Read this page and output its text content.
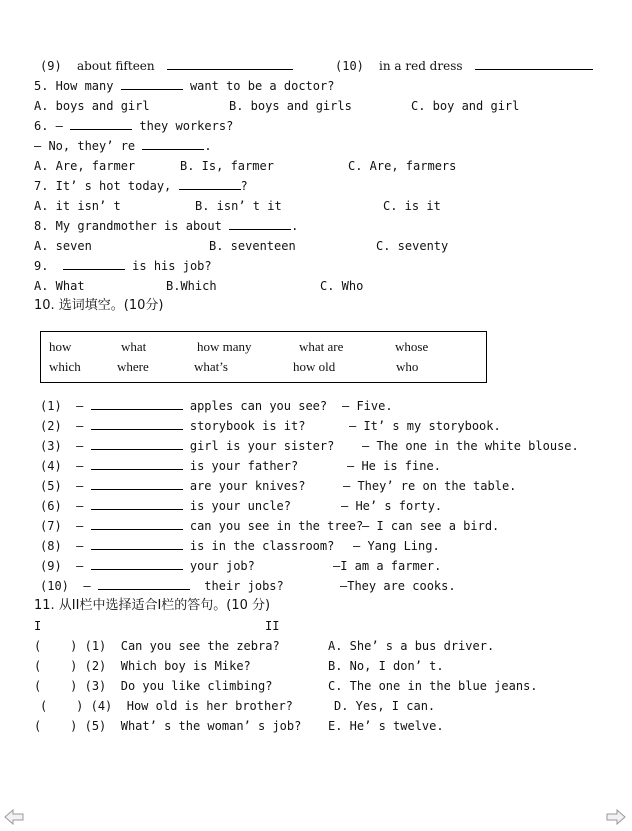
(9) about fifteen	(10) in a red dress
5. How many	want to be a doctor?
A. boys and girl	B. boys and girls	C. boy and girl
6. –	they workers?
– No, they’ re	.
A. Are, farmer	B. Is, farmer	C. Are, farmers
7. It’ s hot today,	?
A. it isn’ t	B. isn’ t it	C. is it
8. My grandmother is about	.
A. seven	B. seventeen	C. seventy
9.	is his job?
A. What	B.Which	C. Who
10. 选词填空。(10分)
how	what	how many	what are	whose
which	where	what’s	how old	who
(1) –	apples can you see? – Five.
(2) –	storybook is it?	– It’ s my storybook.
(3) –	girl is your sister? – The one in the white blouse.
(4) –	is your father?	– He is fine.
(5) –	are your knives?	– They’ re on the table.
(6) –	is your uncle?	– He’ s forty.
(7) –	can you see in the tree?
– I can see a bird.
(8) –	is in the classroom? – Yang Ling.
(9) –	your job?	–I am a farmer.
(10) –	their jobs?	–They are cooks.
11. 从II栏中选择适合I栏的答句。(10 分)
I	II
(    ) (1) Can you see the zebra?	A. She’ s a bus driver.
(    ) (2) Which boy is Mike?	B. No, I don’ t.
(    ) (3) Do you like climbing?	C. The one in the blue jeans.
(    ) (4) How old is her brother?	D. Yes, I can.
(    ) (5) What’ s the woman’ s job? E. He’ s twelve.
